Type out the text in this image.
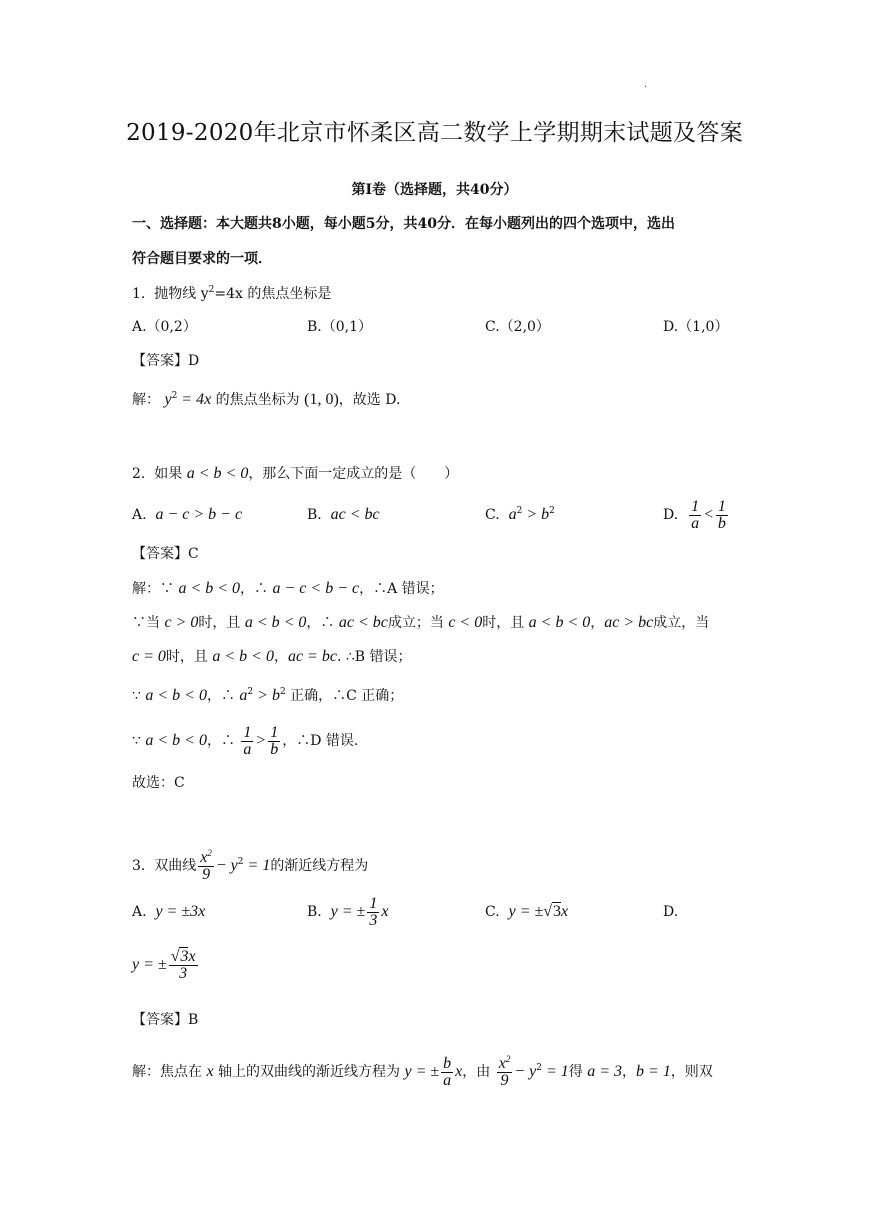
·
2019-2020年北京市怀柔区高二数学上学期期末试题及答案
第Ⅰ卷（选择题，共40分）
一、选择题：本大题共8小题，每小题5分，共40分．在每小题列出的四个选项中，选出
符合题目要求的一项．
1. 抛物线 $y^2=4x$ 的焦点坐标是
A.（0,2）	B.（0,1）	C.（2,0）	D.（1,0）
【答案】D
解： $y^2 = 4x$ 的焦点坐标为 (1, 0)，故选 D.
2. 如果 a < b < 0，那么下面一定成立的是（　　）
A. a − c > b − c	B. ac < bc	C. $a^2 > b^2$	D. $\frac{1}{a} < \frac{1}{b}$
【答案】C
解：∵ a < b < 0，∴ a − c < b − c，∴A 错误；
∵当 c > 0时，且 a < b < 0，∴ ac < bc成立；当 c < 0时，且 a < b < 0，ac > bc成立，当
c = 0时，且 a < b < 0，ac = bc. ∴B 错误；
∵ a < b < 0，∴ $a^2 > b^2$ 正确，∴C 正确；
∵ a < b < 0，∴ $\frac{1}{a} > \frac{1}{b}$ ，∴D 错误.
故选：C
3. 双曲线 $\frac{x^2}{9} - y^2 = 1$的渐近线方程为
A. y = ±3x	B. y = ± $\frac{1}{3}$ x	C. y = ±√3x	D.
y = ± $\frac{√3x}{3}$
【答案】B
解：焦点在 x 轴上的双曲线的渐近线方程为 y = ± $\frac{b}{a}$ x，由 $\frac{x^2}{9} - y^2 = 1$得 a = 3，b = 1，则双
